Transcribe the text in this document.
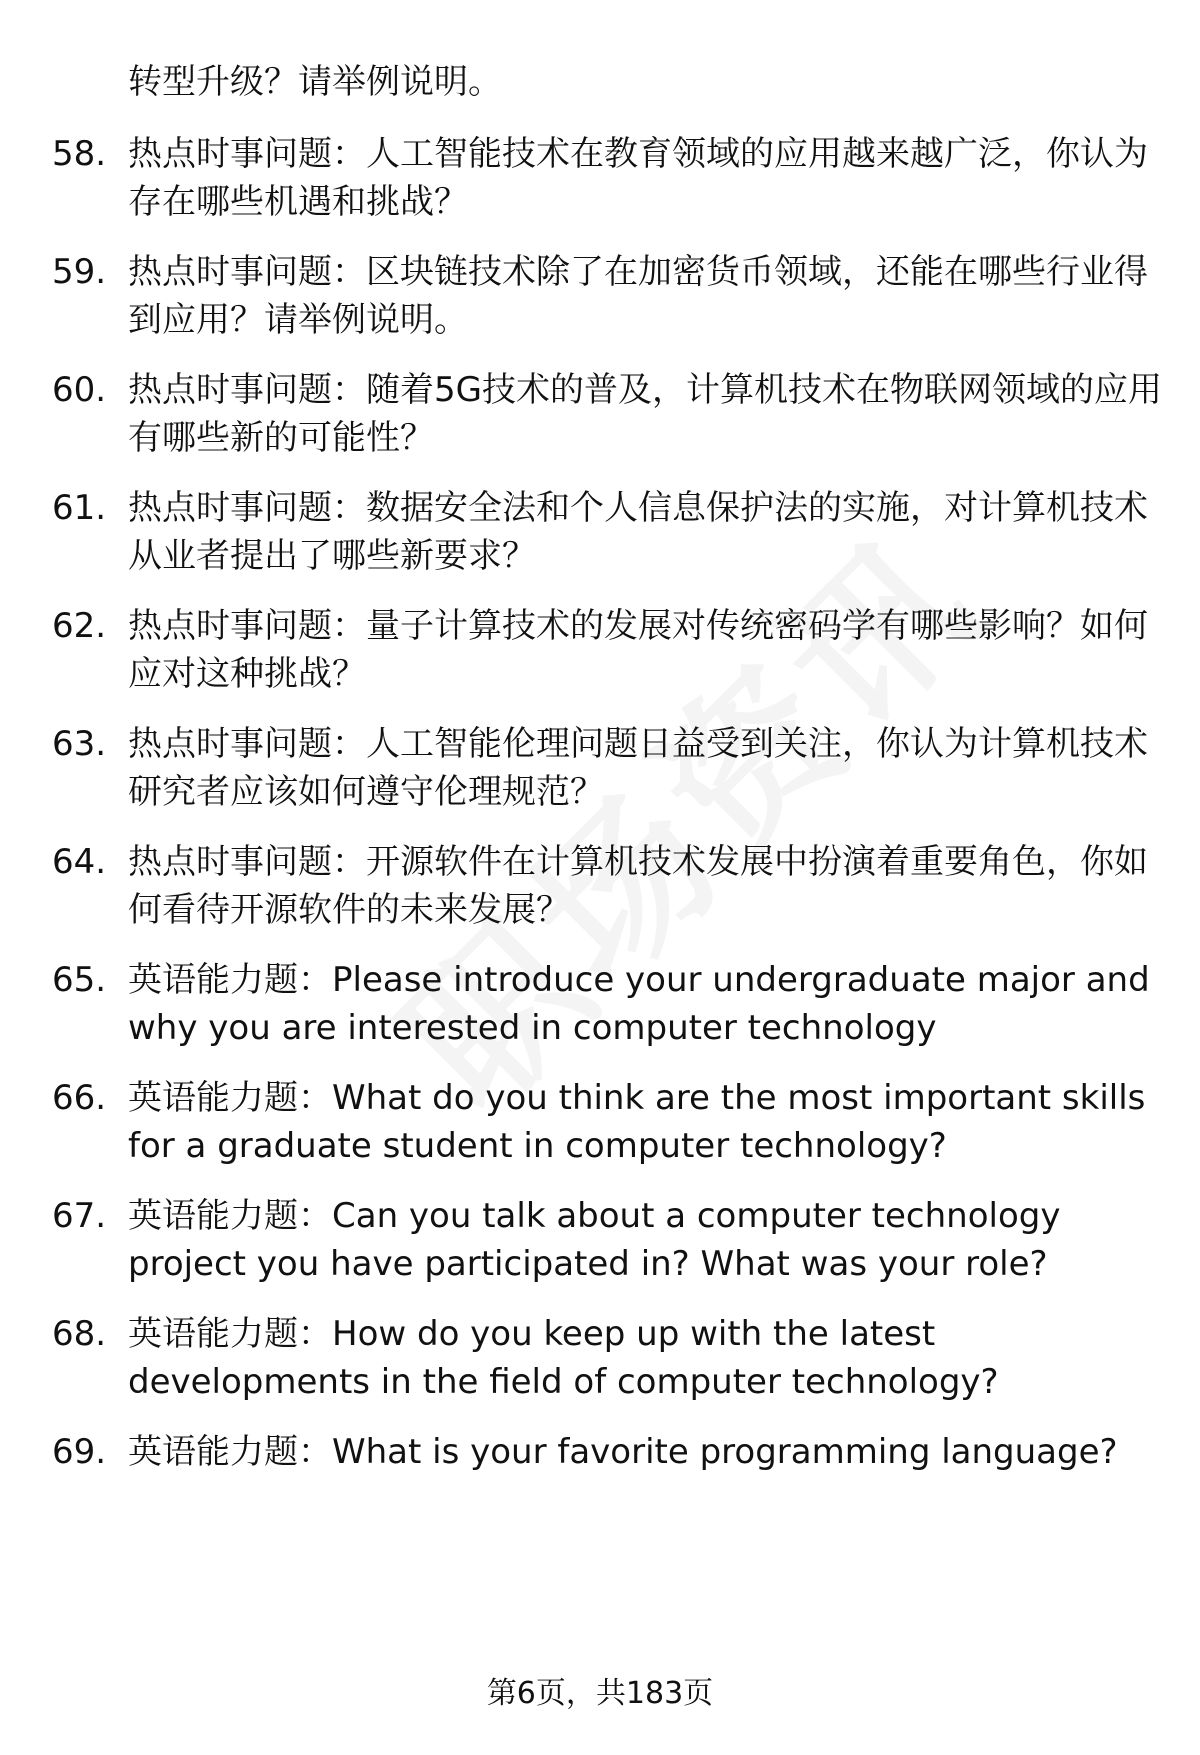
转型升级？请举例说明。
58. 热点时事问题：人工智能技术在教育领域的应用越来越广泛，你认为存在哪些机遇和挑战？
59. 热点时事问题：区块链技术除了在加密货币领域，还能在哪些行业得到应用？请举例说明。
60. 热点时事问题：随着5G技术的普及，计算机技术在物联网领域的应用有哪些新的可能性？
61. 热点时事问题：数据安全法和个人信息保护法的实施，对计算机技术从业者提出了哪些新要求？
62. 热点时事问题：量子计算技术的发展对传统密码学有哪些影响？如何应对这种挑战？
63. 热点时事问题：人工智能伦理问题日益受到关注，你认为计算机技术研究者应该如何遵守伦理规范？
64. 热点时事问题：开源软件在计算机技术发展中扮演着重要角色，你如何看待开源软件的未来发展？
65. 英语能力题：Please introduce your undergraduate major and why you are interested in computer technology
66. 英语能力题：What do you think are the most important skills for a graduate student in computer technology?
67. 英语能力题：Can you talk about a computer technology project you have participated in? What was your role?
68. 英语能力题：How do you keep up with the latest developments in the field of computer technology?
69. 英语能力题：What is your favorite programming language?
第6页，共183页
